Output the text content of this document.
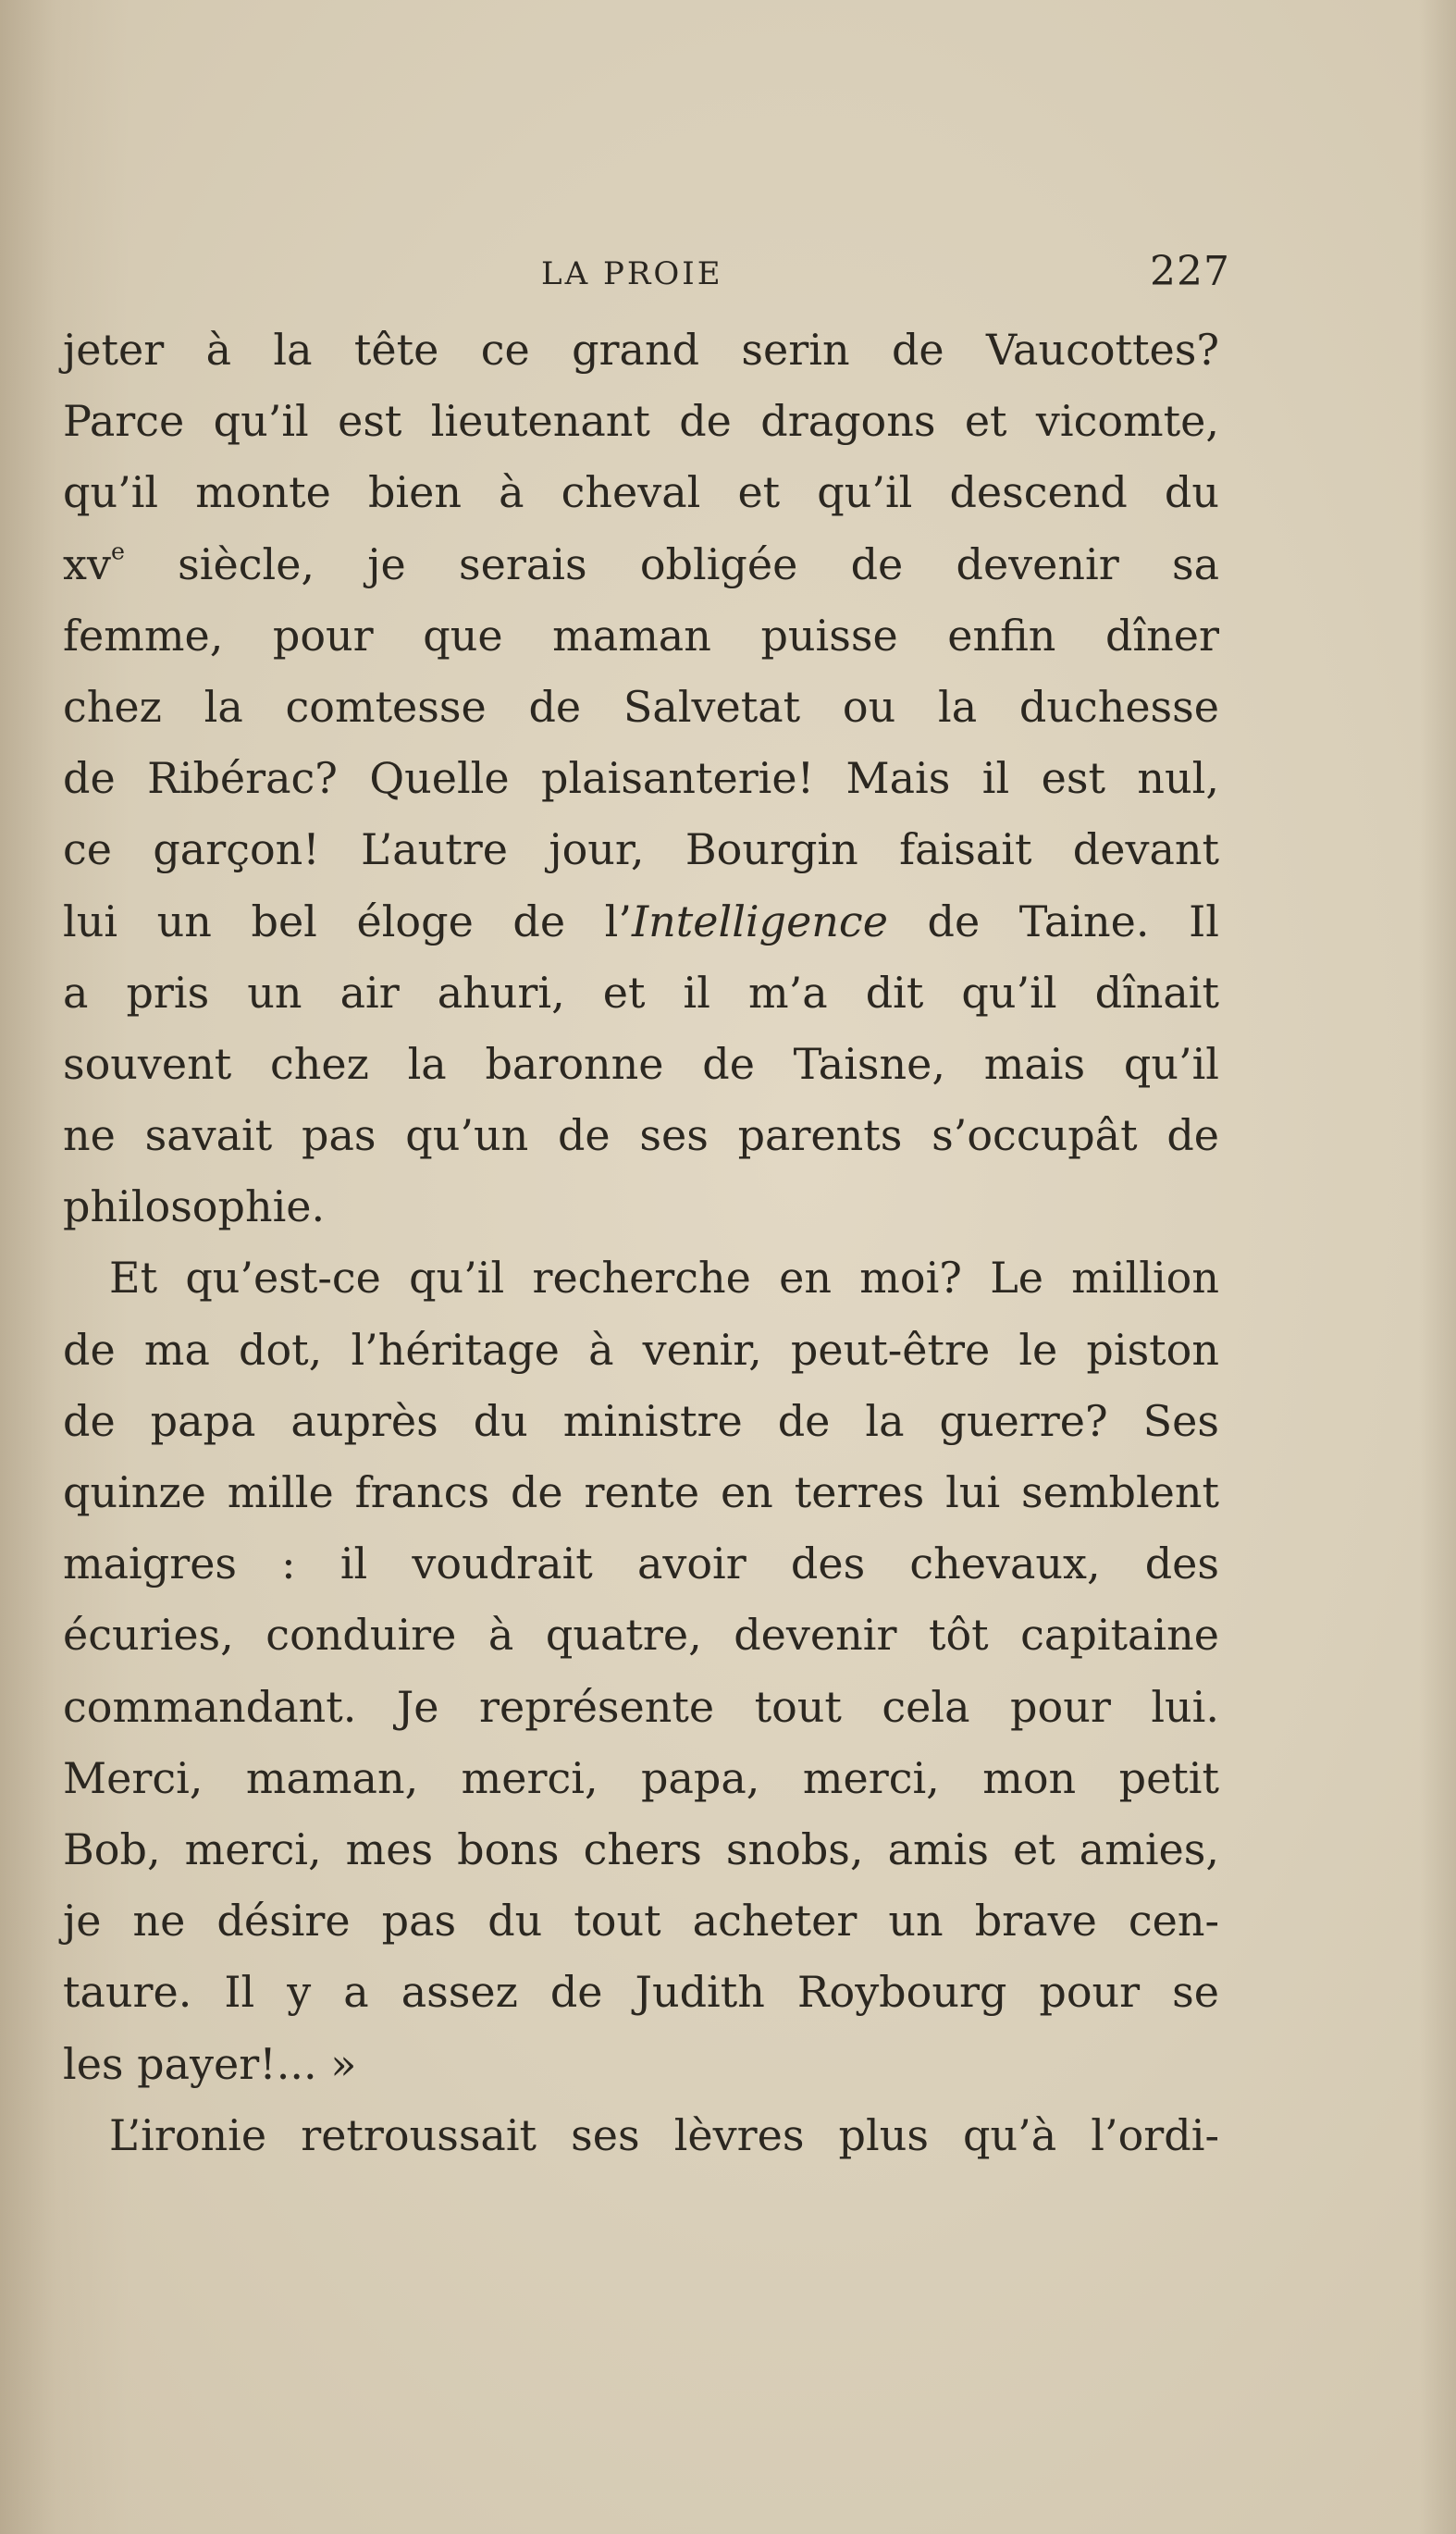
LA PROIE	227
jeter à la tête ce grand serin de Vaucottes?
Parce qu’il est lieutenant de dragons et vicomte,
qu’il monte bien à cheval et qu’il descend du
$xv^e$ siècle, je serais obligée de devenir sa
femme, pour que maman puisse enfin dîner
chez la comtesse de Salvetat ou la duchesse
de Ribérac? Quelle plaisanterie! Mais il est nul,
ce garçon! L’autre jour, Bourgin faisait devant
lui un bel éloge de l’Intelligence de Taine. Il
a pris un air ahuri, et il m’a dit qu’il dînait
souvent chez la baronne de Taisne, mais qu’il
ne savait pas qu’un de ses parents s’occupât de
philosophie.
Et qu’est-ce qu’il recherche en moi? Le million
de ma dot, l’héritage à venir, peut-être le piston
de papa auprès du ministre de la guerre? Ses
quinze mille francs de rente en terres lui semblent
maigres : il voudrait avoir des chevaux, des
écuries, conduire à quatre, devenir tôt capitaine
commandant. Je représente tout cela pour lui.
Merci, maman, merci, papa, merci, mon petit
Bob, merci, mes bons chers snobs, amis et amies,
je ne désire pas du tout acheter un brave cen-
taure. Il y a assez de Judith Roybourg pour se
les payer!... »
L’ironie retroussait ses lèvres plus qu’à l’ordi-
